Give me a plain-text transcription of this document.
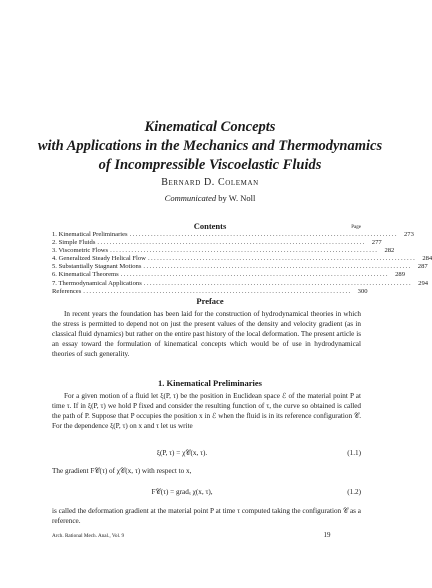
Kinematical Concepts
with Applications in the Mechanics and Thermodynamics
of Incompressible Viscoelastic Fluids
Bernard D. Coleman
Communicated by W. Noll
Contents	Page
1. Kinematical Preliminaries ........................................................................................ 273
2. Simple Fluids ........................................................................................ 277
3. Viscometric Flows ........................................................................................ 282
4. Generalized Steady Helical Flow ........................................................................................ 284
5. Substantially Stagnant Motions ........................................................................................ 287
6. Kinematical Theorems ........................................................................................ 289
7. Thermodynamical Applications ........................................................................................ 294
References ........................................................................................ 300
Preface

In recent years the foundation has been laid for the construction of hydrodynamical theories in which the stress is permitted to depend not on just the present values of the density and velocity gradient (as in classical fluid dynamics) but rather on the entire past history of the local deformation. The present article is an essay toward the formulation of kinematical concepts which would be of use in hydrodynamical theories of such generality.

1. Kinematical Preliminaries

For a given motion of a fluid let ξ(P, τ) be the position in Euclidean space ℰ of the material point P at time τ. If in ξ(P, τ) we hold P fixed and consider the resulting function of τ, the curve so obtained is called the path of P. Suppose that P occupies the position x in ℰ when the fluid is in its reference configuration 𝒞. For the dependence ξ(P, τ) on x and τ let us write

ξ(P, τ) = χ𝒞(x, τ).	(1.1)

The gradient F𝒞(τ) of χ𝒞(x, τ) with respect to x,

F𝒞(τ) = gradₓ χ(x, τ),	(1.2)

is called the deformation gradient at the material point P at time τ computed taking the configuration 𝒞 as a reference.

Arch. Rational Mech. Anal., Vol. 9	19
